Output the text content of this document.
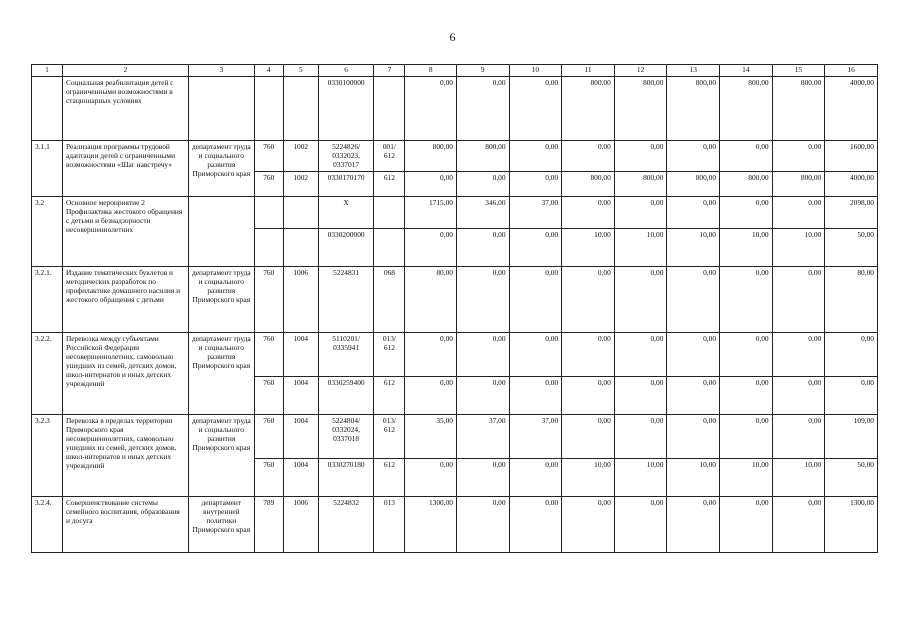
6
1	2	3	4	5	6	7	8	9	10	11	12	13	14	15	16
	Социальная реабилитация детей с ограниченными возможностями в стационарных условиях				0330100000		0,00	0,00	0,00	800,00	800,00	800,00	800,00	800,00	4000,00
3.1.1	Реализация программы трудовой адаптации детей с ограниченными возможностями «Шаг навстречу»	департамент труда и социального развития Приморского края	760	1002	5224826/ 0332023, 0337017	001/ 612	800,00	800,00	0,00	0,00	0,00	0,00	0,00	0,00	1600,00
			760	1002	0330170170	612	0,00	0,00	0,00	800,00	800,00	800,00	800,00	800,00	4000,00
3.2	Основное мероприятие 2 Профилактика жестокого обращения с детьми и безнадзорности несовершеннолетних				X		1715,00	346,00	37,00	0,00	0,00	0,00	0,00	0,00	2098,00
					0330200000		0,00	0,00	0,00	10,00	10,00	10,00	10,00	10,00	50,00
3.2.1.	Издание тематических буклетов и методических разработок по профилактике домашнего насилия и жестокого обращения с детьми	департамент труда и социального развития Приморского края	760	1006	5224831	068	80,00	0,00	0,00	0,00	0,00	0,00	0,00	0,00	80,00
3.2.2.	Перевозка между субъектами Российской Федерации несовершеннолетних, самовольно ушедших из семей, детских домов, школ-интернатов и иных детских учреждений	департамент труда и социального развития Приморского края	760	1004	5110201/ 0335941	013/ 612	0,00	0,00	0,00	0,00	0,00	0,00	0,00	0,00	0,00
			760	1004	0330259400	612	0,00	0,00	0,00	0,00	0,00	0,00	0,00	0,00	0,00
3.2.3	Перевозка в пределах территории Приморского края несовершеннолетних, самовольно ушедших из семей, детских домов, школ-интернатов и иных детских учреждений	департамент труда и социального развития Приморского края	760	1004	5224804/ 0332024, 0337018	013/ 612	35,00	37,00	37,00	0,00	0,00	0,00	0,00	0,00	109,00
			760	1004	0330270180	612	0,00	0,00	0,00	10,00	10,00	10,00	10,00	10,00	50,00
3.2.4.	Совершенствование системы семейного воспитания, образования и досуга	департамент внутренней политики Приморского края	789	1006	5224832	013	1300,00	0,00	0,00	0,00	0,00	0,00	0,00	0,00	1300,00
